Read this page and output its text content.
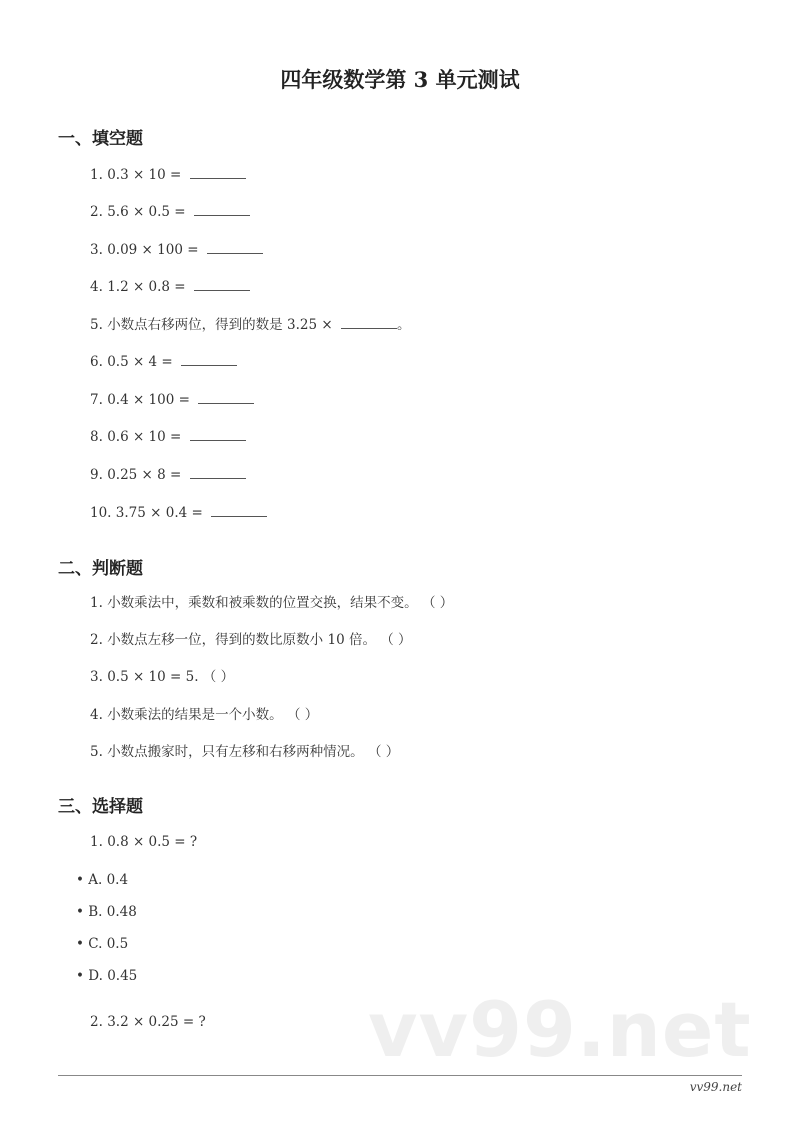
四年级数学第 3 单元测试
一、填空题
1. 0.3 × 10 =
2. 5.6 × 0.5 =
3. 0.09 × 100 =
4. 1.2 × 0.8 =
5. 小数点右移两位，得到的数是 3.25 ×	。
6. 0.5 × 4 =
7. 0.4 × 100 =
8. 0.6 × 10 =
9. 0.25 × 8 =
10. 3.75 × 0.4 =
二、判断题
1. 小数乘法中，乘数和被乘数的位置交换，结果不变。 （ ）
2. 小数点左移一位，得到的数比原数小 10 倍。 （ ）
3. 0.5 × 10 = 5. （ ）
4. 小数乘法的结果是一个小数。 （ ）
5. 小数点搬家时，只有左移和右移两种情况。 （ ）
三、选择题
1. 0.8 × 0.5 = ?
• A. 0.4
• B. 0.48
• C. 0.5
• D. 0.45
2. 3.2 × 0.25 = ? vv99.net
vv99.net
